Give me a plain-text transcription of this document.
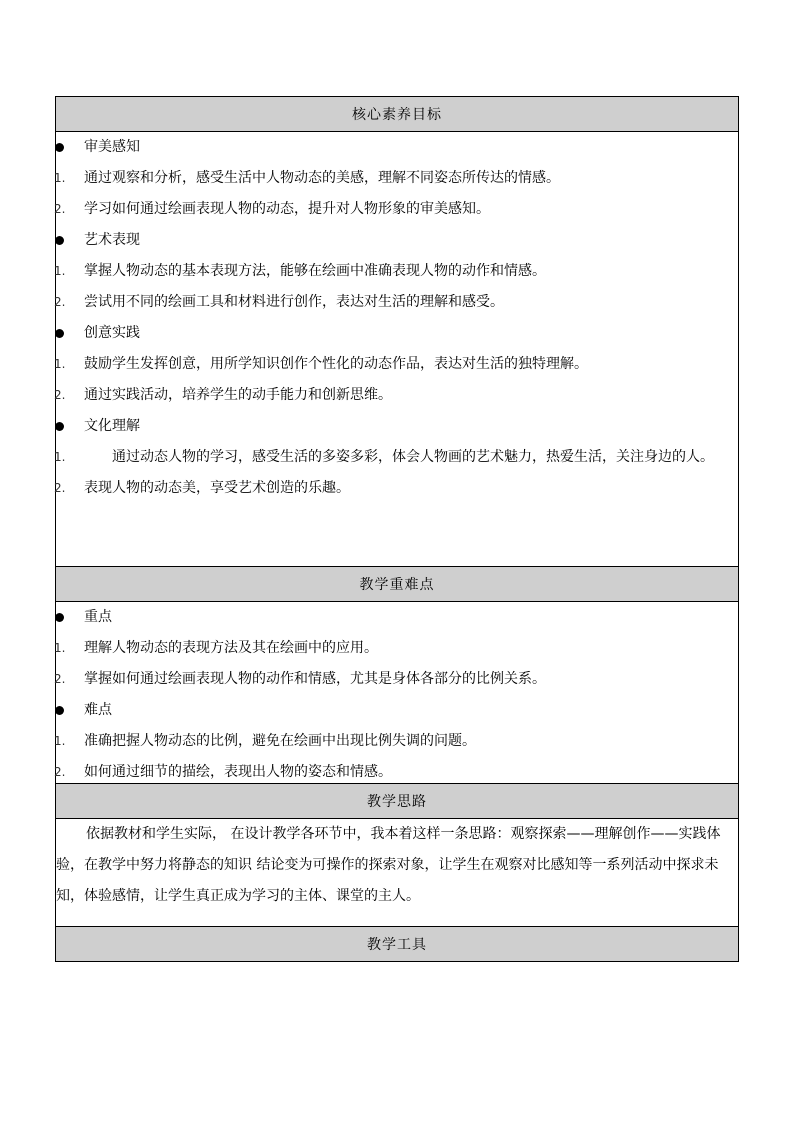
核心素养目标
审美感知
1. 通过观察和分析，感受生活中人物动态的美感，理解不同姿态所传达的情感。
2. 学习如何通过绘画表现人物的动态，提升对人物形象的审美感知。
艺术表现
1. 掌握人物动态的基本表现方法，能够在绘画中准确表现人物的动作和情感。
2. 尝试用不同的绘画工具和材料进行创作，表达对生活的理解和感受。
创意实践
1. 鼓励学生发挥创意，用所学知识创作个性化的动态作品，表达对生活的独特理解。
2. 通过实践活动，培养学生的动手能力和创新思维。
文化理解
1.	通过动态人物的学习，感受生活的多姿多彩，体会人物画的艺术魅力，热爱生活，关注身边的人。
2. 表现人物的动态美，享受艺术创造的乐趣。
教学重难点
重点
1. 理解人物动态的表现方法及其在绘画中的应用。
2. 掌握如何通过绘画表现人物的动作和情感，尤其是身体各部分的比例关系。
难点
1. 准确把握人物动态的比例，避免在绘画中出现比例失调的问题。
2. 如何通过细节的描绘，表现出人物的姿态和情感。
教学思路
依据教材和学生实际， 在设计教学各环节中，我本着这样一条思路：观察探索——理解创作——实践体验，在教学中努力将静态的知识 结论变为可操作的探索对象，让学生在观察对比感知等一系列活动中探求未知，体验感情，让学生真正成为学习的主体、课堂的主人。
教学工具
